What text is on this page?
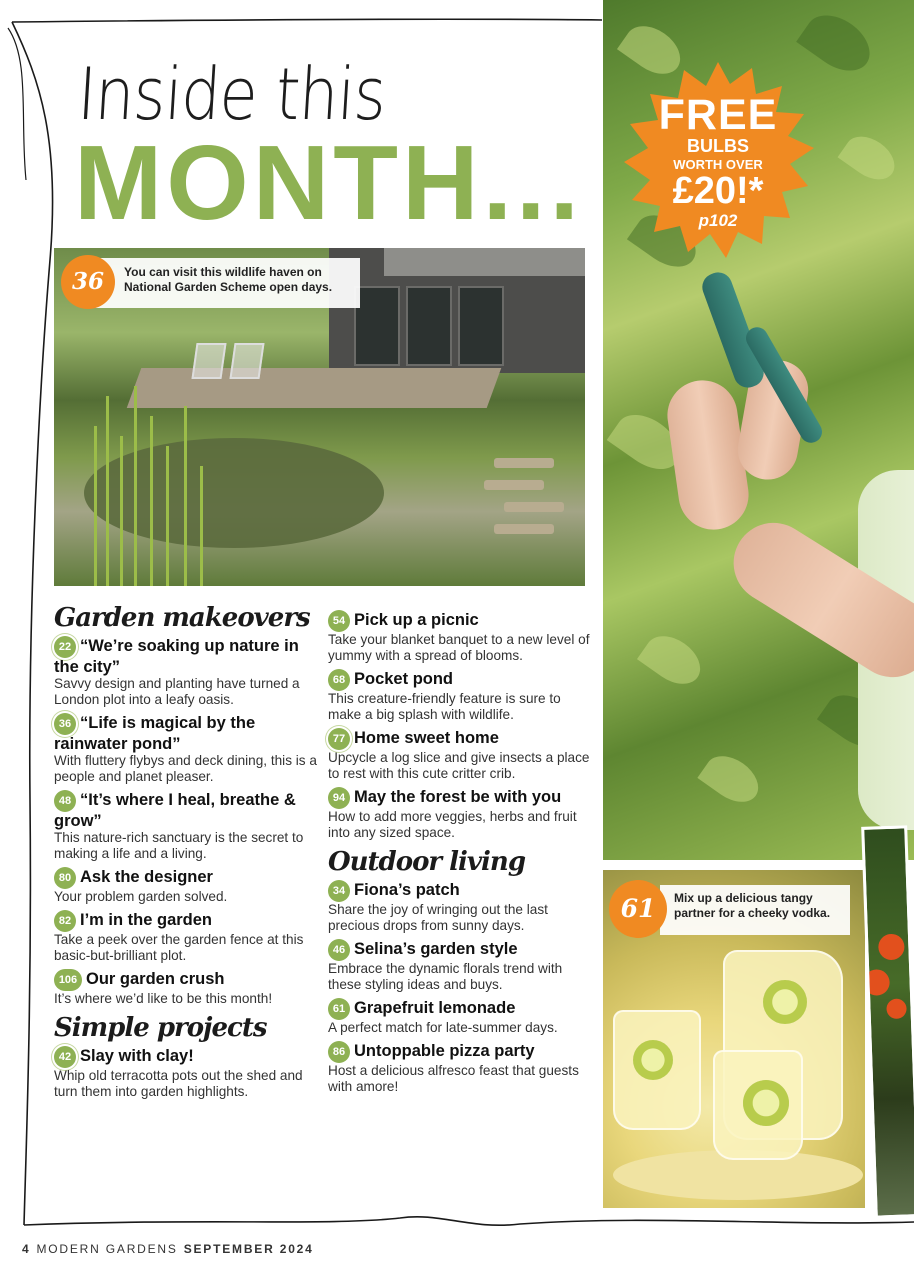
FREE
BULBS
WORTH OVER
£20!*
p102
Mix up a delicious tangy partner for a cheeky vodka.
61
Inside this
MONTH...
You can visit this wildlife haven on National Garden Scheme open days.
36
Garden makeovers
22 “We’re soaking up nature in the city”
Savvy design and planting have turned a London plot into a leafy oasis.
36 “Life is magical by the rainwater pond”
With fluttery flybys and deck dining, this is a people and planet pleaser.
48 “It’s where I heal, breathe & grow”
This nature-rich sanctuary is the secret to making a life and a living.
80 Ask the designer
Your problem garden solved.
82 I’m in the garden
Take a peek over the garden fence at this basic-but-brilliant plot.
106 Our garden crush
It’s where we’d like to be this month!
Simple projects
42 Slay with clay!
Whip old terracotta pots out the shed and turn them into garden highlights.
54 Pick up a picnic
Take your blanket banquet to a new level of yummy with a spread of blooms.
68 Pocket pond
This creature-friendly feature is sure to make a big splash with wildlife.
77 Home sweet home
Upcycle a log slice and give insects a place to rest with this cute critter crib.
94 May the forest be with you
How to add more veggies, herbs and fruit into any sized space.
Outdoor living
34 Fiona’s patch
Share the joy of wringing out the last precious drops from sunny days.
46 Selina’s garden style
Embrace the dynamic florals trend with these styling ideas and buys.
61 Grapefruit lemonade
A perfect match for late-summer days.
86 Untoppable pizza party
Host a delicious alfresco feast that guests with amore!
4 MODERN GARDENS SEPTEMBER 2024
